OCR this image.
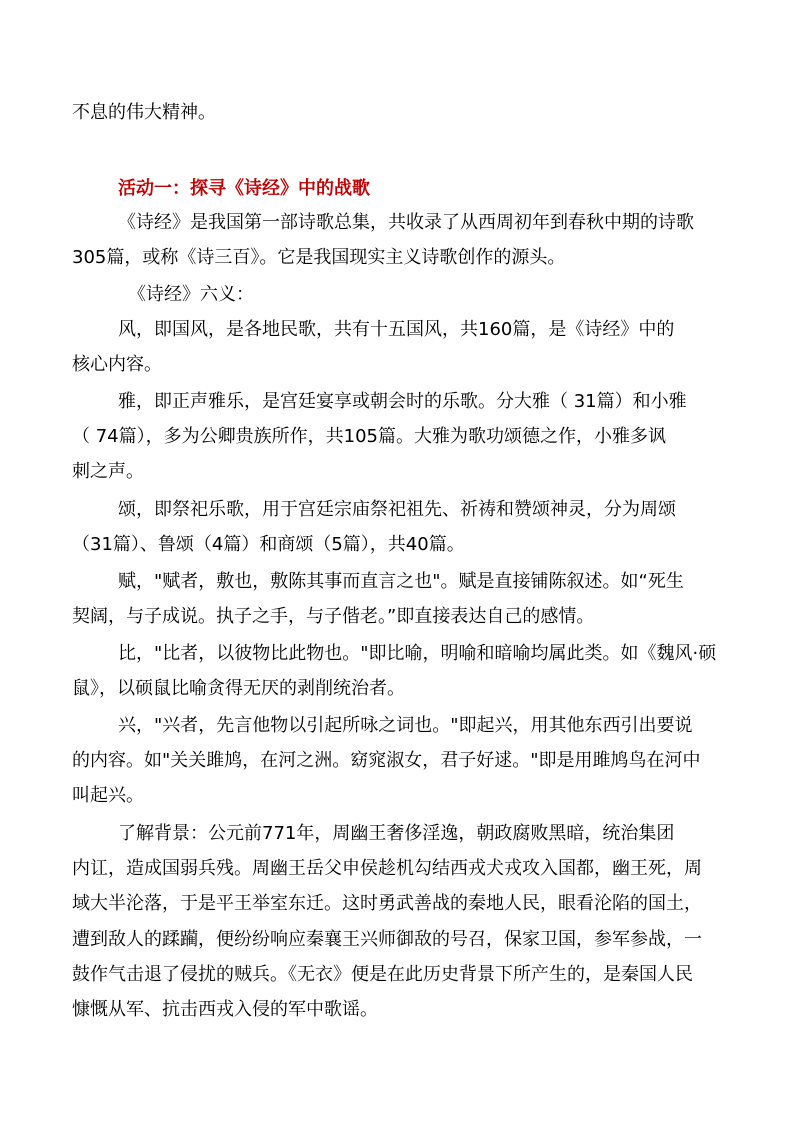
不息的伟大精神。
活动一：探寻《诗经》中的战歌
《诗经》是我国第一部诗歌总集，共收录了从西周初年到春秋中期的诗歌
305篇，或称《诗三百》。它是我国现实主义诗歌创作的源头。
《诗经》六义：
风，即国风，是各地民歌，共有十五国风，共160篇，是《诗经》中的
核心内容。
雅，即正声雅乐，是宫廷宴享或朝会时的乐歌。分大雅（ 31篇）和小雅
（ 74篇），多为公卿贵族所作，共105篇。大雅为歌功颂德之作，小雅多讽
刺之声。
颂，即祭祀乐歌，用于宫廷宗庙祭祀祖先、祈祷和赞颂神灵，分为周颂
（31篇）、鲁颂（4篇）和商颂（5篇），共40篇。
赋，"赋者，敷也，敷陈其事而直言之也"。赋是直接铺陈叙述。如“死生
契阔，与子成说。执子之手，与子偕老。”即直接表达自己的感情。
比，"比者，以彼物比此物也。"即比喻，明喻和暗喻均属此类。如《魏风·硕
鼠》，以硕鼠比喻贪得无厌的剥削统治者。
兴，"兴者，先言他物以引起所咏之词也。"即起兴，用其他东西引出要说
的内容。如"关关雎鸠，在河之洲。窈窕淑女，君子好逑。"即是用雎鸠鸟在河中
叫起兴。
了解背景：公元前771年，周幽王奢侈淫逸，朝政腐败黑暗，统治集团
内讧，造成国弱兵残。周幽王岳父申侯趁机勾结西戎犬戎攻入国都，幽王死，周
域大半沦落，于是平王举室东迁。这时勇武善战的秦地人民，眼看沦陷的国土，
遭到敌人的蹂躏，便纷纷响应秦襄王兴师御敌的号召，保家卫国，参军参战，一
鼓作气击退了侵扰的贼兵。《无衣》便是在此历史背景下所产生的，是秦国人民
慷慨从军、抗击西戎入侵的军中歌谣。
